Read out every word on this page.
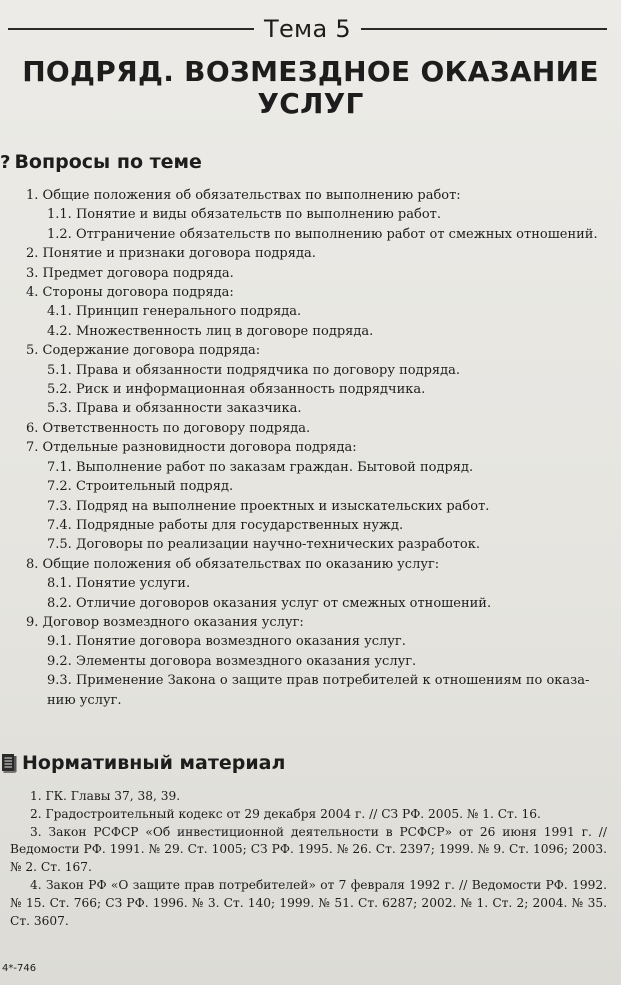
Тема 5
ПОДРЯД. ВОЗМЕЗДНОЕ ОКАЗАНИЕ
УСЛУГ
? Вопросы по теме
1. Общие положения об обязательствах по выполнению работ:
1.1. Понятие и виды обязательств по выполнению работ.
1.2. Отграничение обязательств по выполнению работ от смежных отношений.
2. Понятие и признаки договора подряда.
3. Предмет договора подряда.
4. Стороны договора подряда:
4.1. Принцип генерального подряда.
4.2. Множественность лиц в договоре подряда.
5. Содержание договора подряда:
5.1. Права и обязанности подрядчика по договору подряда.
5.2. Риск и информационная обязанность подрядчика.
5.3. Права и обязанности заказчика.
6. Ответственность по договору подряда.
7. Отдельные разновидности договора подряда:
7.1. Выполнение работ по заказам граждан. Бытовой подряд.
7.2. Строительный подряд.
7.3. Подряд на выполнение проектных и изыскательских работ.
7.4. Подрядные работы для государственных нужд.
7.5. Договоры по реализации научно-технических разработок.
8. Общие положения об обязательствах по оказанию услуг:
8.1. Понятие услуги.
8.2. Отличие договоров оказания услуг от смежных отношений.
9. Договор возмездного оказания услуг:
9.1. Понятие договора возмездного оказания услуг.
9.2. Элементы договора возмездного оказания услуг.
9.3. Применение Закона о защите прав потребителей к отношениям по оказа-
нию услуг.
Нормативный материал
1. ГК. Главы 37, 38, 39.
2. Градостроительный кодекс от 29 декабря 2004 г. // СЗ РФ. 2005. № 1. Ст. 16.
3. Закон РСФСР «Об инвестиционной деятельности в РСФСР» от 26 июня 1991 г. // Ведомости РФ. 1991. № 29. Ст. 1005; СЗ РФ. 1995. № 26. Ст. 2397; 1999. № 9. Ст. 1096; 2003. № 2. Ст. 167.
4. Закон РФ «О защите прав потребителей» от 7 февраля 1992 г. // Ведомости РФ. 1992. № 15. Ст. 766; СЗ РФ. 1996. № 3. Ст. 140; 1999. № 51. Ст. 6287; 2002. № 1. Ст. 2; 2004. № 35. Ст. 3607.
4*-746
